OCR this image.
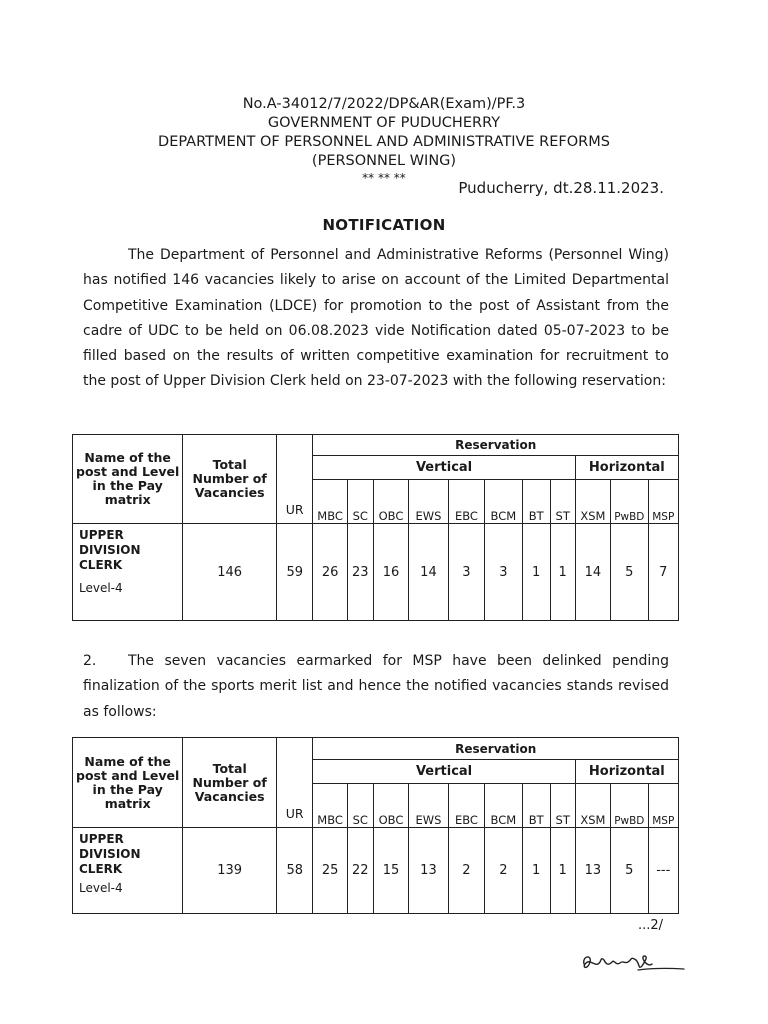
No.A-34012/7/2022/DP&AR(Exam)/PF.3
GOVERNMENT OF PUDUCHERRY
DEPARTMENT OF PERSONNEL AND ADMINISTRATIVE REFORMS
(PERSONNEL WING)
** ** **
Puducherry, dt.28.11.2023.
NOTIFICATION
The Department of Personnel and Administrative Reforms (Personnel Wing) has notified 146 vacancies likely to arise on account of the Limited Departmental Competitive Examination (LDCE) for promotion to the post of Assistant from the cadre of UDC to be held on 06.08.2023 vide Notification dated 05-07-2023 to be filled based on the results of written competitive examination for recruitment to the post of Upper Division Clerk held on 23-07-2023 with the following reservation:
Name of the post and Level in the Pay matrix	Total Number of Vacancies	UR	Reservation										
			Vertical								Horizontal		
			MBC	SC	OBC	EWS	EBC	BCM	BT	ST	XSM	PwBD	MSP

UPPER DIVISION CLERK
Level-4	146	59	26	23	16	14	3	3	1	1	14	5	7
2. The seven vacancies earmarked for MSP have been delinked pending finalization of the sports merit list and hence the notified vacancies stands revised as follows:
Name of the post and Level in the Pay matrix	Total Number of Vacancies	UR	Reservation										
			Vertical								Horizontal		
			MBC	SC	OBC	EWS	EBC	BCM	BT	ST	XSM	PwBD	MSP

UPPER DIVISION CLERK
Level-4	139	58	25	22	15	13	2	2	1	1	13	5	---
...2/
